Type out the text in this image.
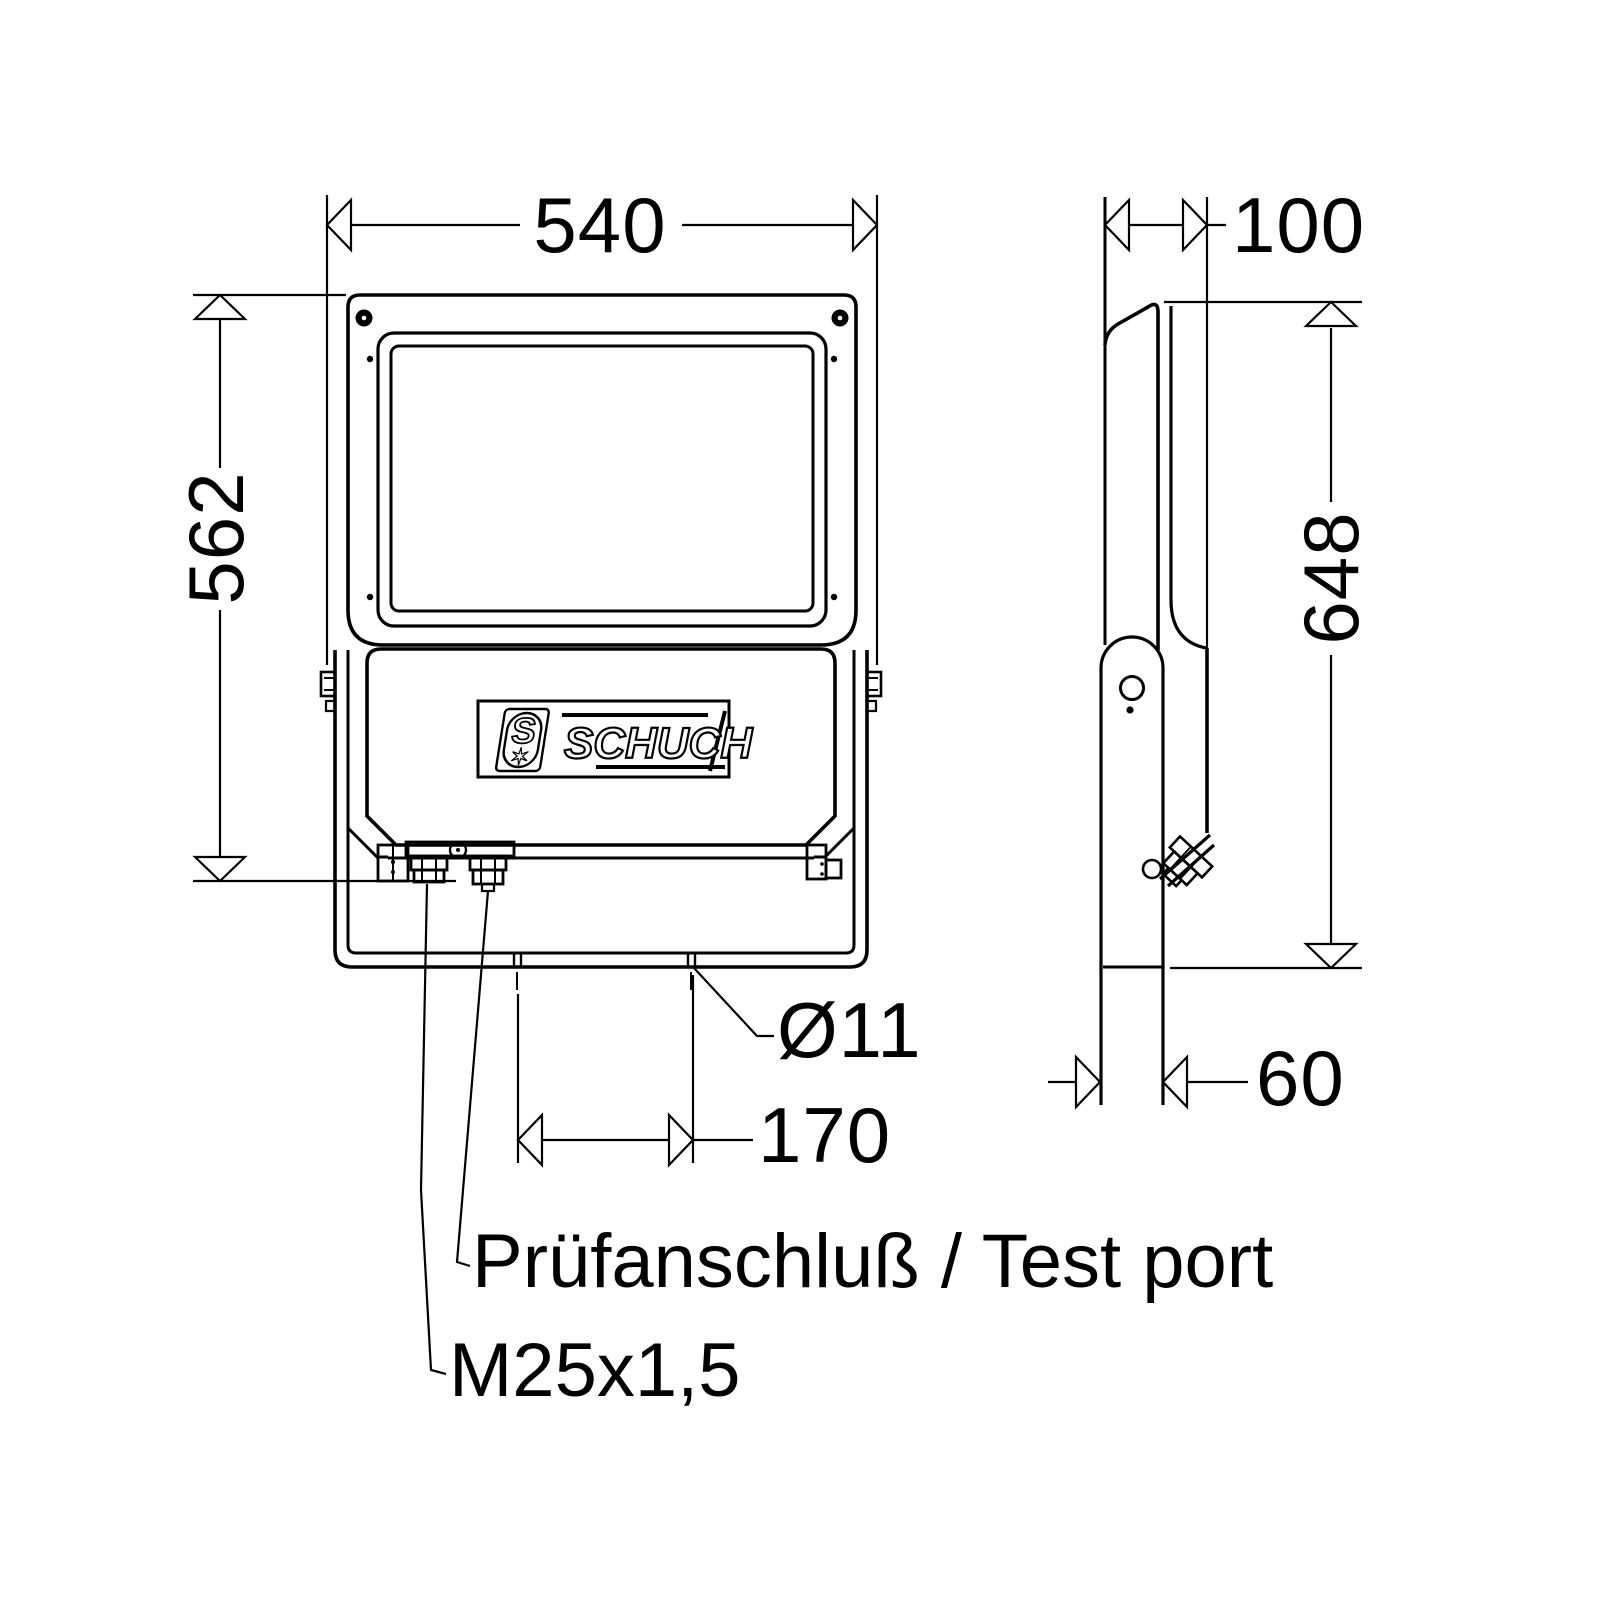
S
✶ SCHUCH
540	100
562	648
Ø11
170
60
Prüfanschluß / Test port
M25x1,5
